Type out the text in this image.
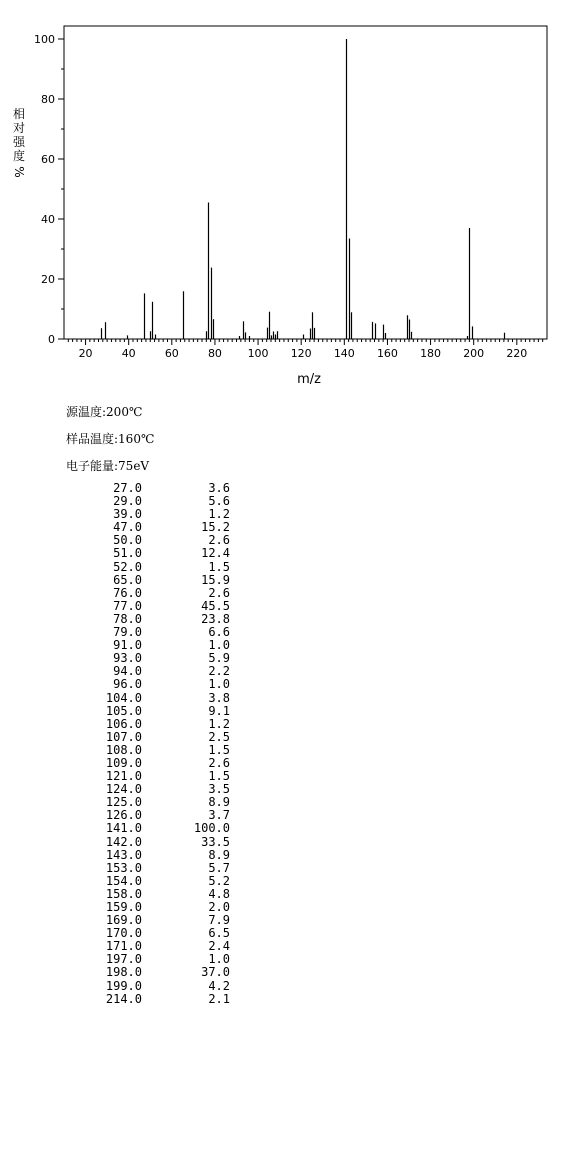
0
20
40
60
80
100
20	40	60	80 100 120 140 160 180 200 220
相
对
强
度
%
m/z
源温度:200℃
样品温度:160℃
电子能量:75eV
27.0	3.6
29.0	5.6
39.0	1.2
47.0	15.2
50.0	2.6
51.0	12.4
52.0	1.5
65.0	15.9
76.0	2.6
77.0	45.5
78.0	23.8
79.0	6.6
91.0	1.0
93.0	5.9
94.0	2.2
96.0	1.0
104.0	3.8
105.0	9.1
106.0	1.2
107.0	2.5
108.0	1.5
109.0	2.6
121.0	1.5
124.0	3.5
125.0	8.9
126.0	3.7
141.0	100.0
142.0	33.5
143.0	8.9
153.0	5.7
154.0	5.2
158.0	4.8
159.0	2.0
169.0	7.9
170.0	6.5
171.0	2.4
197.0	1.0
198.0	37.0
199.0	4.2
214.0	2.1
